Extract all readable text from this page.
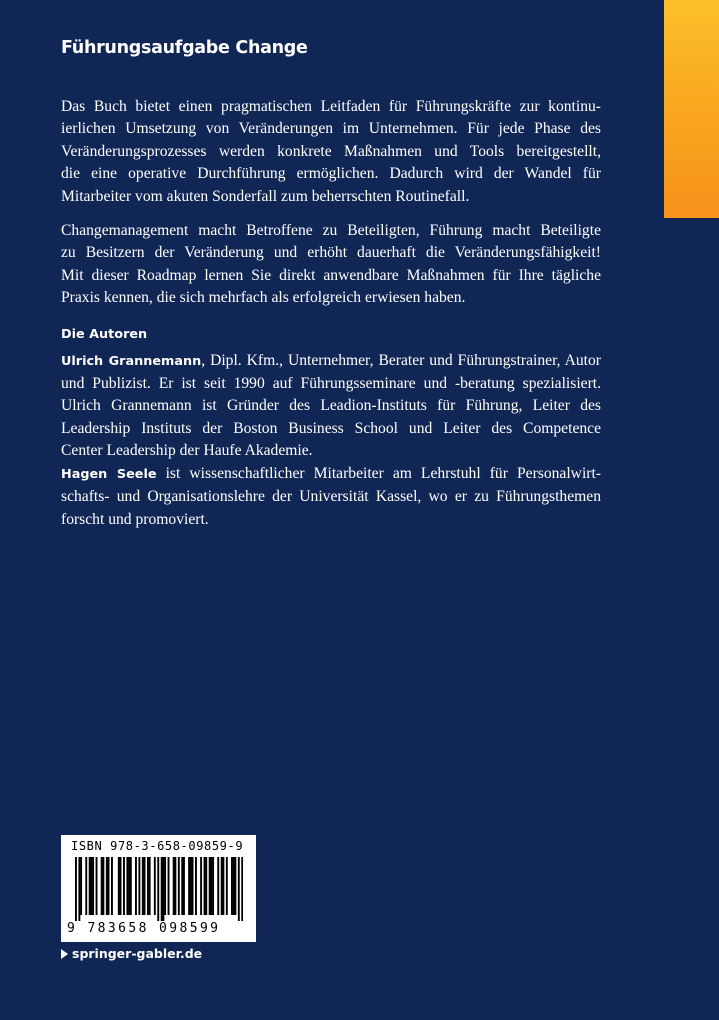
Führungsaufgabe Change
Das Buch bietet einen pragmatischen Leitfaden für Führungskräfte zur kontinu-
ierlichen Umsetzung von Veränderungen im Unternehmen. Für jede Phase des
Veränderungsprozesses werden konkrete Maßnahmen und Tools bereitgestellt,
die eine operative Durchführung ermöglichen. Dadurch wird der Wandel für
Mitarbeiter vom akuten Sonderfall zum beherrschten Routinefall.
Changemanagement macht Betroffene zu Beteiligten, Führung macht Beteiligte
zu Besitzern der Veränderung und erhöht dauerhaft die Veränderungsfähigkeit!
Mit dieser Roadmap lernen Sie direkt anwendbare Maßnahmen für Ihre tägliche
Praxis kennen, die sich mehrfach als erfolgreich erwiesen haben.
Die Autoren
Ulrich Grannemann, Dipl. Kfm., Unternehmer, Berater und Führungstrainer, Autor
und Publizist. Er ist seit 1990 auf Führungsseminare und -beratung spezialisiert.
Ulrich Grannemann ist Gründer des Leadion-Instituts für Führung, Leiter des
Leadership Instituts der Boston Business School und Leiter des Competence
Center Leadership der Haufe Akademie.
Hagen Seele ist wissenschaftlicher Mitarbeiter am Lehrstuhl für Personalwirt-
schafts- und Organisationslehre der Universität Kassel, wo er zu Führungsthemen
forscht und promoviert.
ISBN 978-3-658-09859-9
9 783658 098599
springer-gabler.de
